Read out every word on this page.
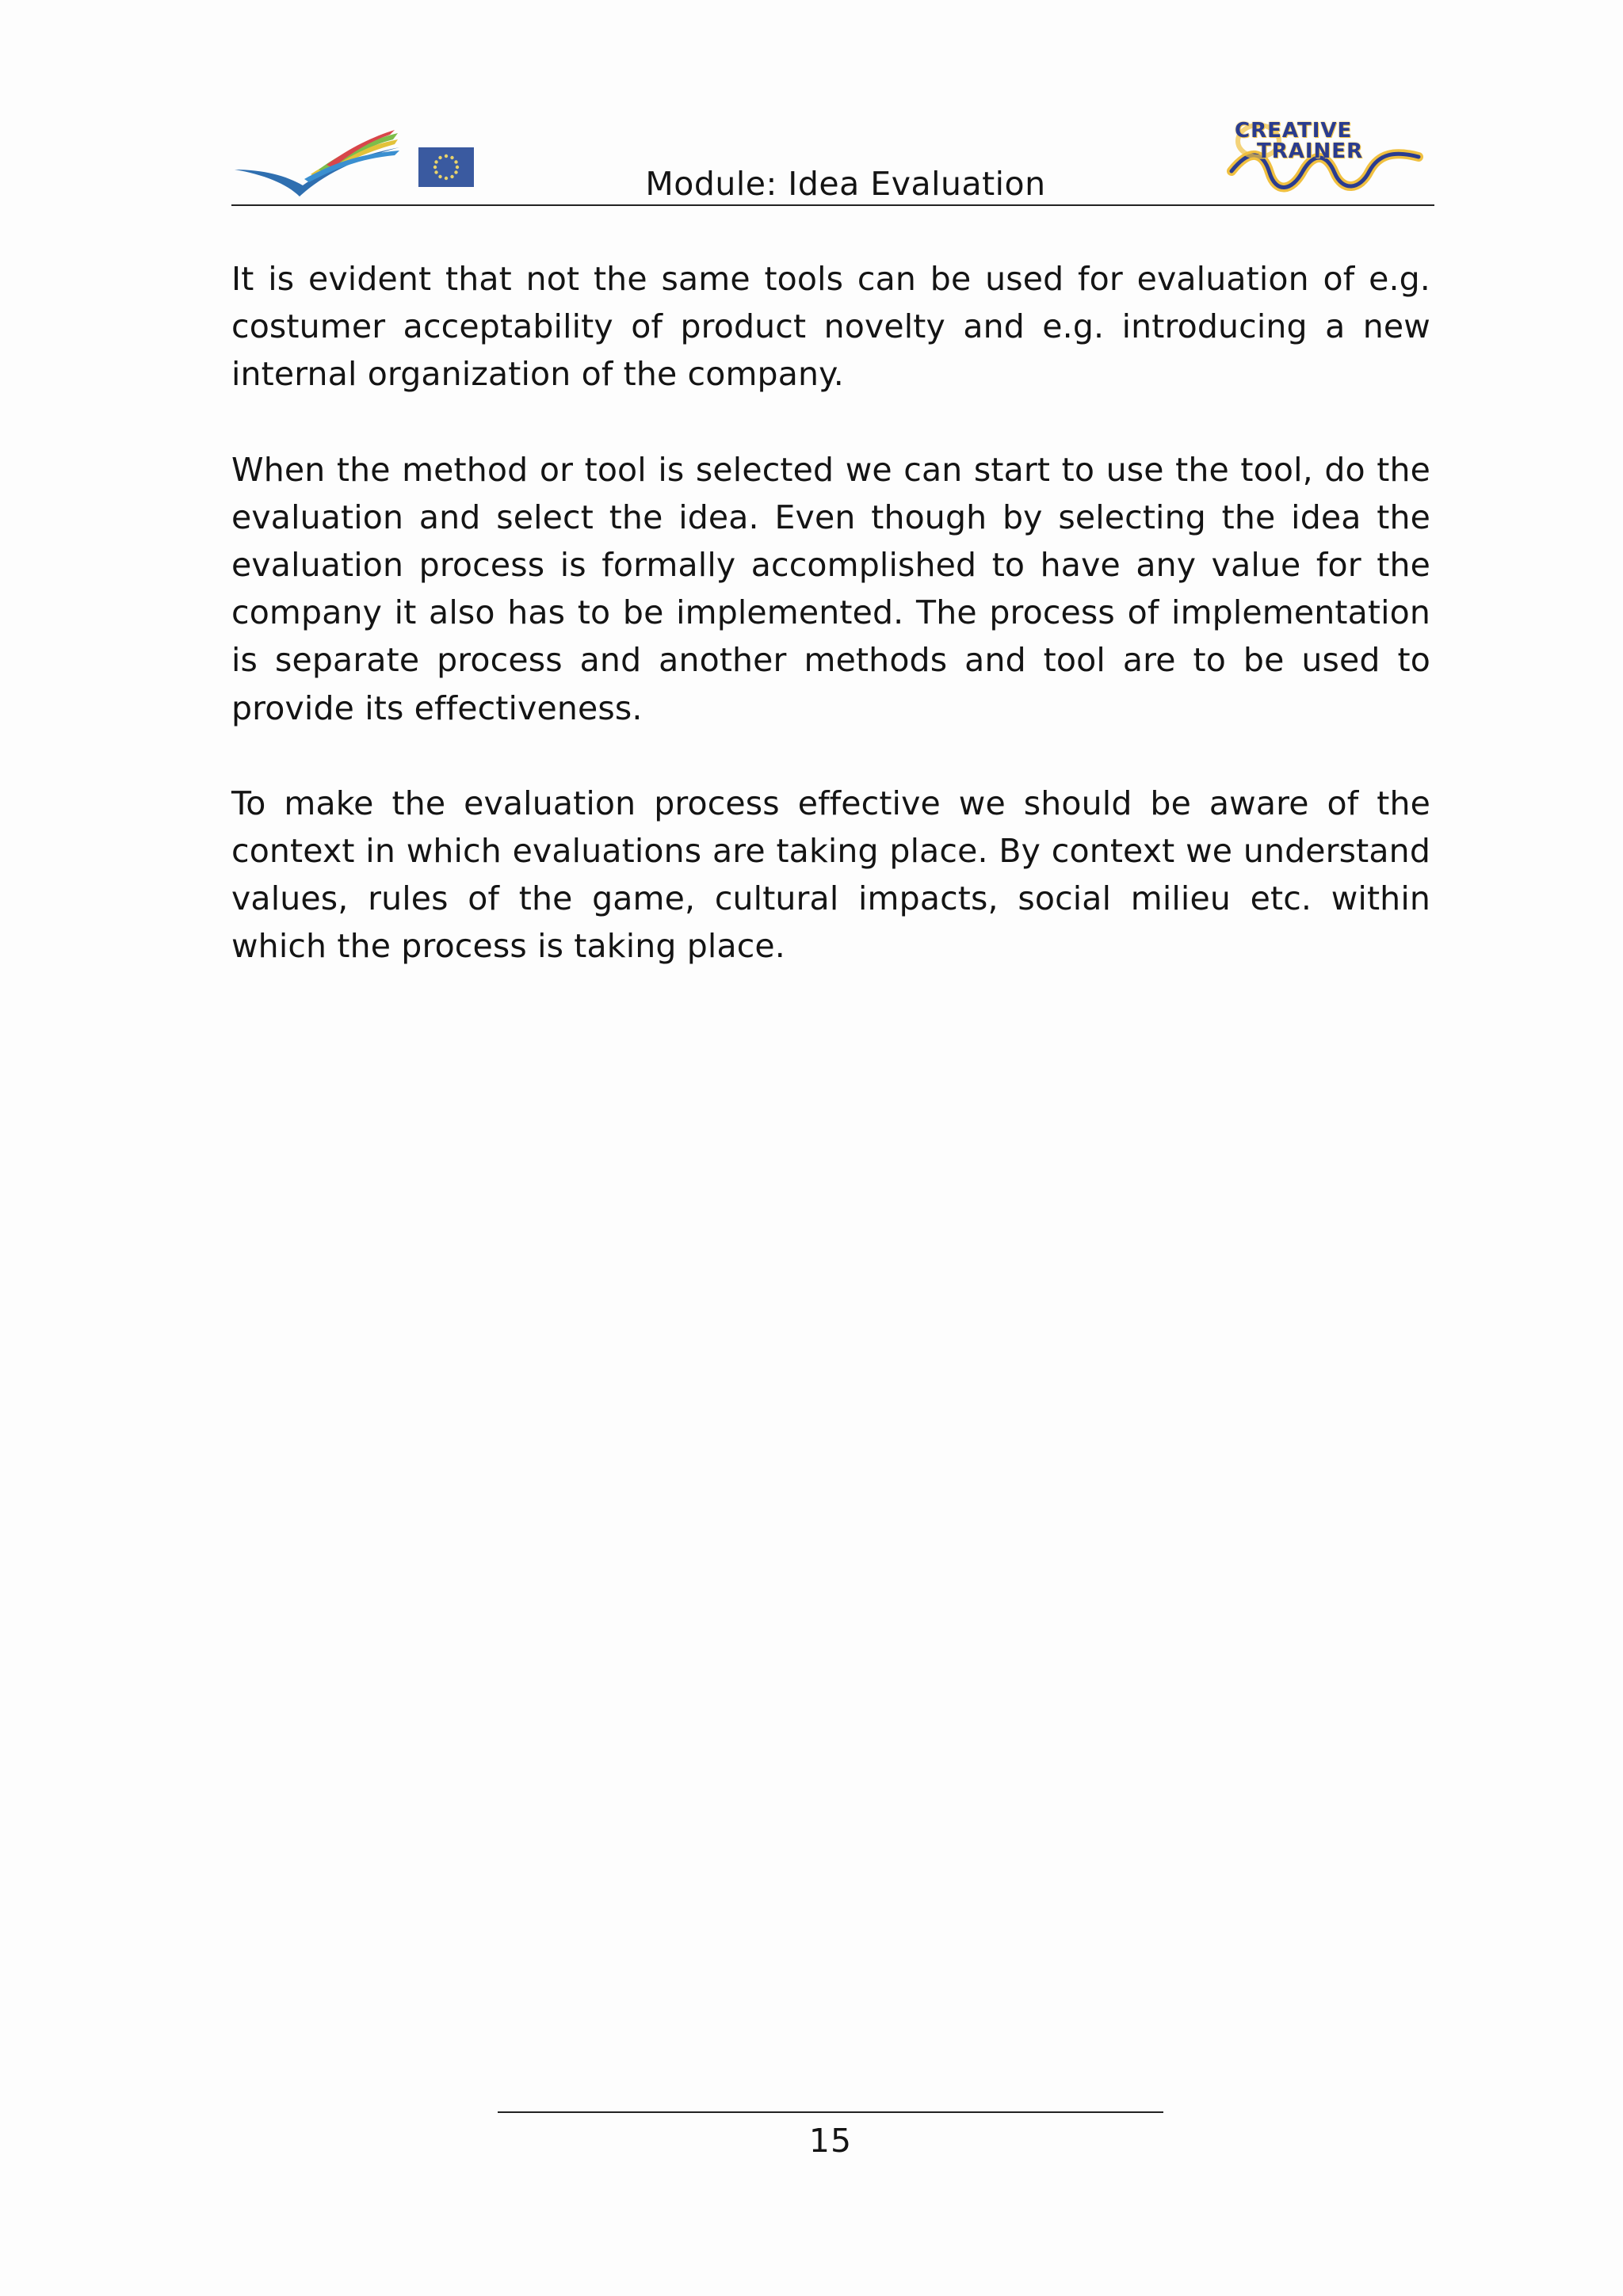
Module: Idea Evaluation
CREATIVE
TRAINER

It is evident that not the same tools can be used for evaluation of e.g. costumer acceptability of product novelty and e.g. introducing a new internal organization of the company.

When the method or tool is selected we can start to use the tool, do the evaluation and select the idea. Even though by selecting the idea the evaluation process is formally accomplished to have any value for the company it also has to be implemented. The process of implementation is separate process and another methods and tool are to be used to provide its effectiveness.

To make the evaluation process effective we should be aware of the context in which evaluations are taking place. By context we understand values, rules of the game, cultural impacts, social milieu etc. within which the process is taking place.

15
